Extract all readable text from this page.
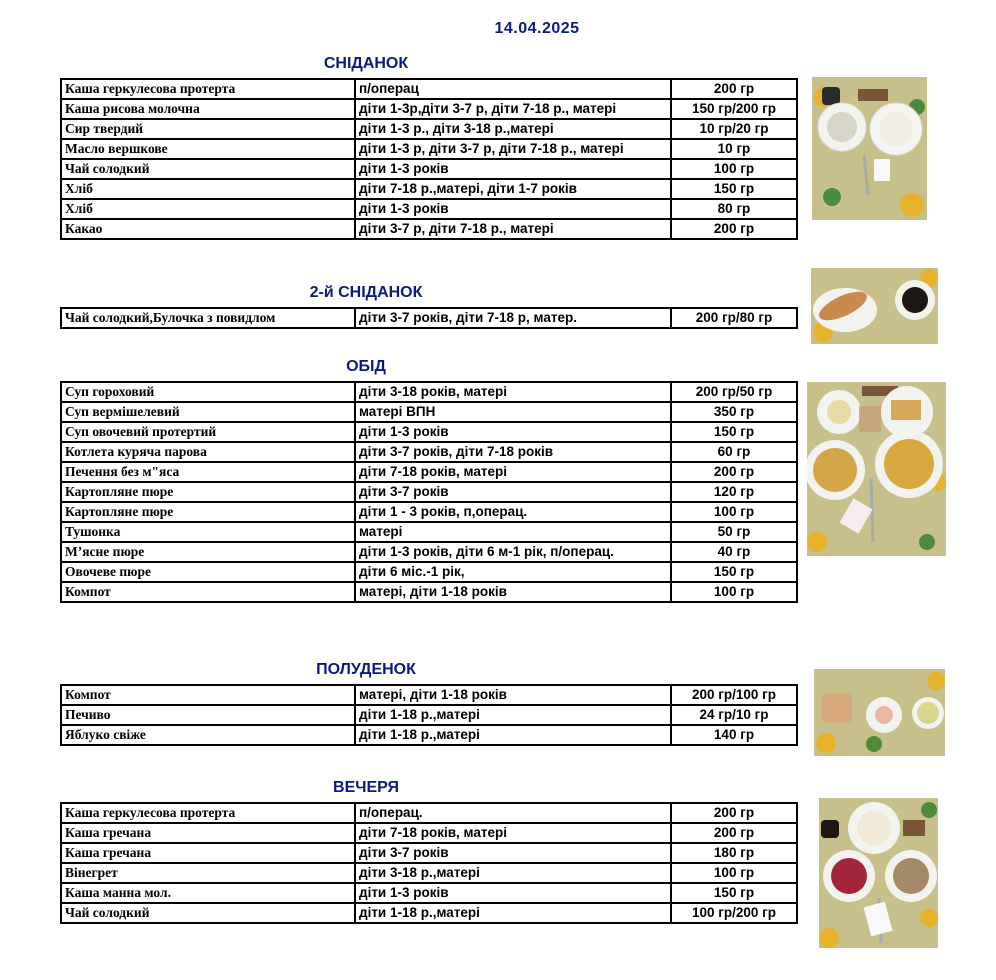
14.04.2025
СНІДАНОК
2-й СНІДАНОК
ОБІД
ПОЛУДЕНОК
ВЕЧЕРЯ
Каша геркулесова протерта	п/операц	200 гр
Каша рисова молочна	діти 1-3р,діти 3-7 р, діти 7-18 р., матері	150 гр/200 гр
Сир твердий	діти 1-3 р., діти 3-18 р.,матері	10 гр/20 гр
Масло вершкове	діти 1-3 р, діти 3-7 р, діти 7-18 р., матері	10 гр
Чай солодкий	діти 1-3 років	100 гр
Хліб	діти 7-18 р.,матері, діти 1-7 років	150 гр
Хліб	діти 1-3 років	80 гр
Какао	діти 3-7 р, діти 7-18 р., матері	200 гр
Чай солодкий,Булочка з повидлом	діти 3-7 років, діти 7-18 р, матер.	200 гр/80 гр
Суп гороховий	діти 3-18 років, матері	200 гр/50 гр
Суп вермішелевий	матері ВПН	350 гр
Суп овочевий протертий	діти 1-3 років	150 гр
Котлета куряча парова	діти 3-7 років, діти 7-18 років	60 гр
Печення без м"яса	діти 7-18 років, матері	200 гр
Картопляне пюре	діти 3-7 років	120 гр
Картопляне пюре	діти 1 - 3 років, п,операц.	100 гр
Тушонка	матері	50 гр
М’ясне пюре	діти 1-3 років, діти 6 м-1 рік, п/операц.	40 гр
Овочеве пюре	діти 6 міс.-1 рік,	150 гр
Компот	матері, діти 1-18 років	100 гр
Компот	матері, діти 1-18 років	200 гр/100 гр
Печиво	діти 1-18 р.,матері	24 гр/10 гр
Яблуко свіже	діти 1-18 р.,матері	140 гр
Каша геркулесова протерта	п/операц.	200 гр
Каша гречана	діти 7-18 років, матері	200 гр
Каша гречана	діти 3-7 років	180 гр
Вінегрет	діти 3-18 р.,матері	100 гр
Каша манна мол.	діти 1-3 років	150 гр
Чай солодкий	діти 1-18 р.,матері	100 гр/200 гр
